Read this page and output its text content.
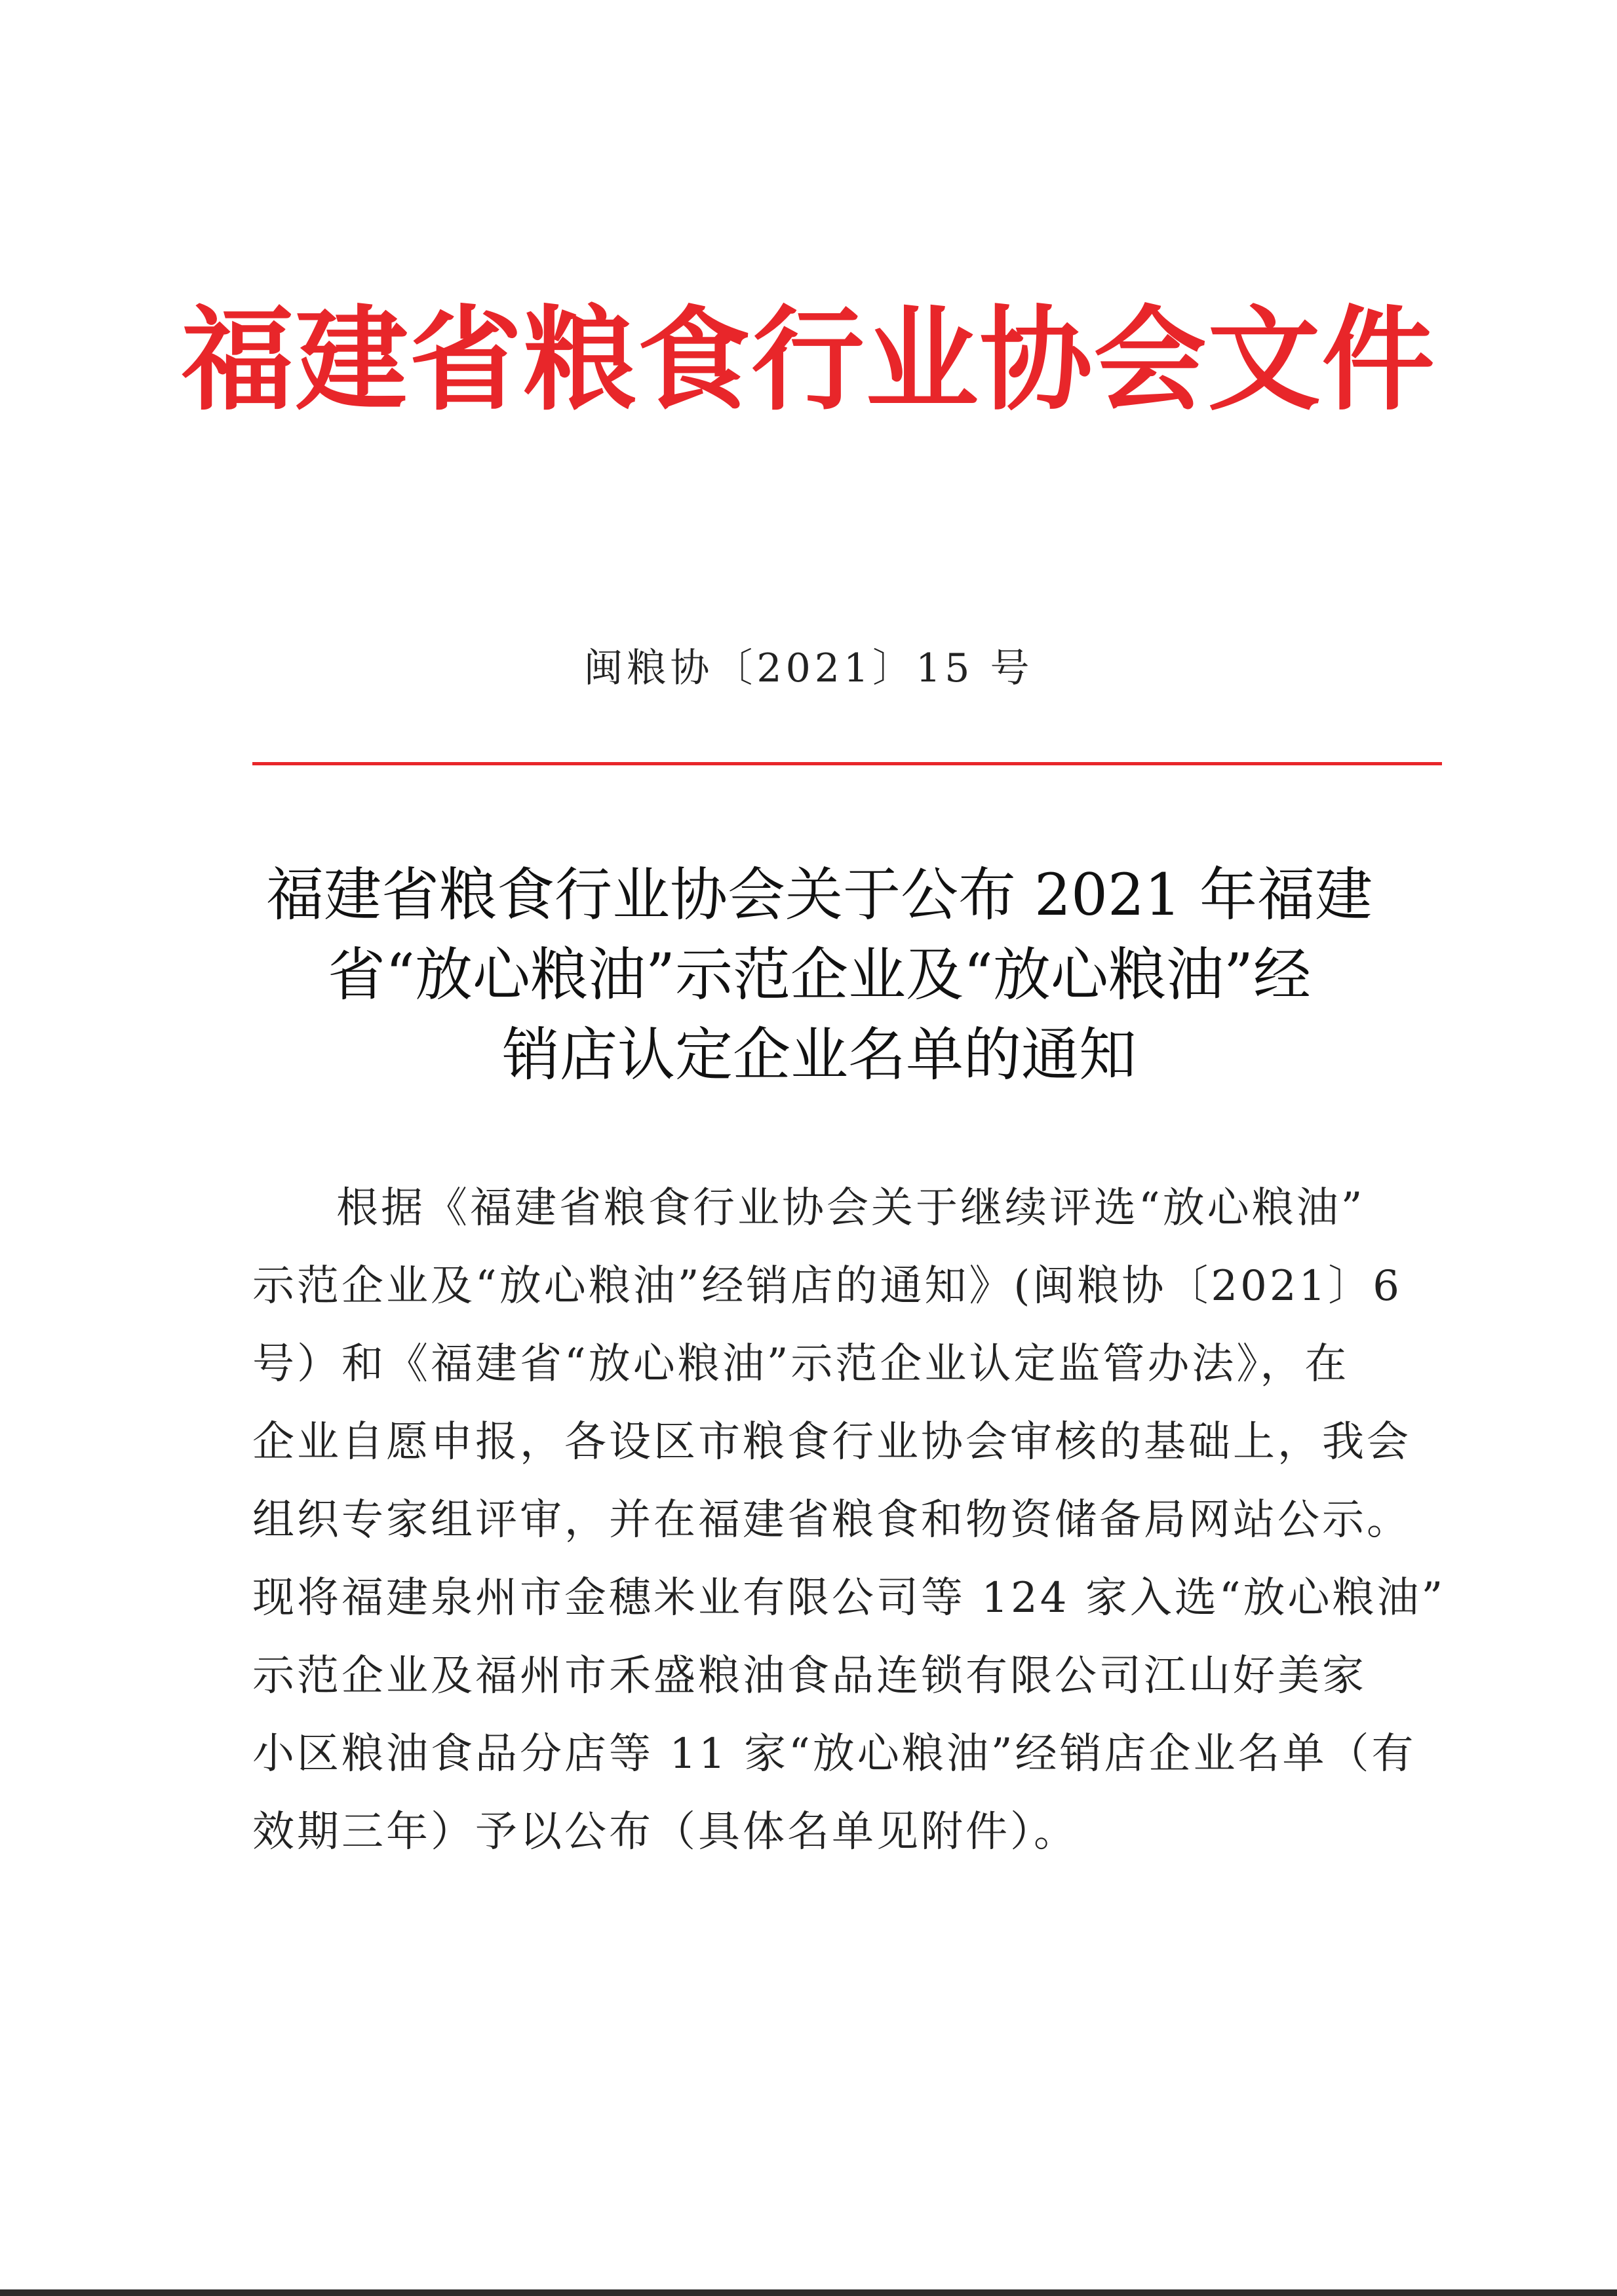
福建省粮食行业协会文件
闽粮协〔2021〕15 号
福建省粮食行业协会关于公布 2021 年福建
省“放心粮油”示范企业及“放心粮油”经
销店认定企业名单的通知
根据《福建省粮食行业协会关于继续评选“放心粮油”
示范企业及“放心粮油”经销店的通知》(闽粮协〔2021〕6
号）和《福建省“放心粮油”示范企业认定监管办法》，在
企业自愿申报，各设区市粮食行业协会审核的基础上，我会
组织专家组评审，并在福建省粮食和物资储备局网站公示。
现将福建泉州市金穗米业有限公司等 124 家入选“放心粮油”
示范企业及福州市禾盛粮油食品连锁有限公司江山好美家
小区粮油食品分店等 11 家“放心粮油”经销店企业名单（有
效期三年）予以公布（具体名单见附件）。
